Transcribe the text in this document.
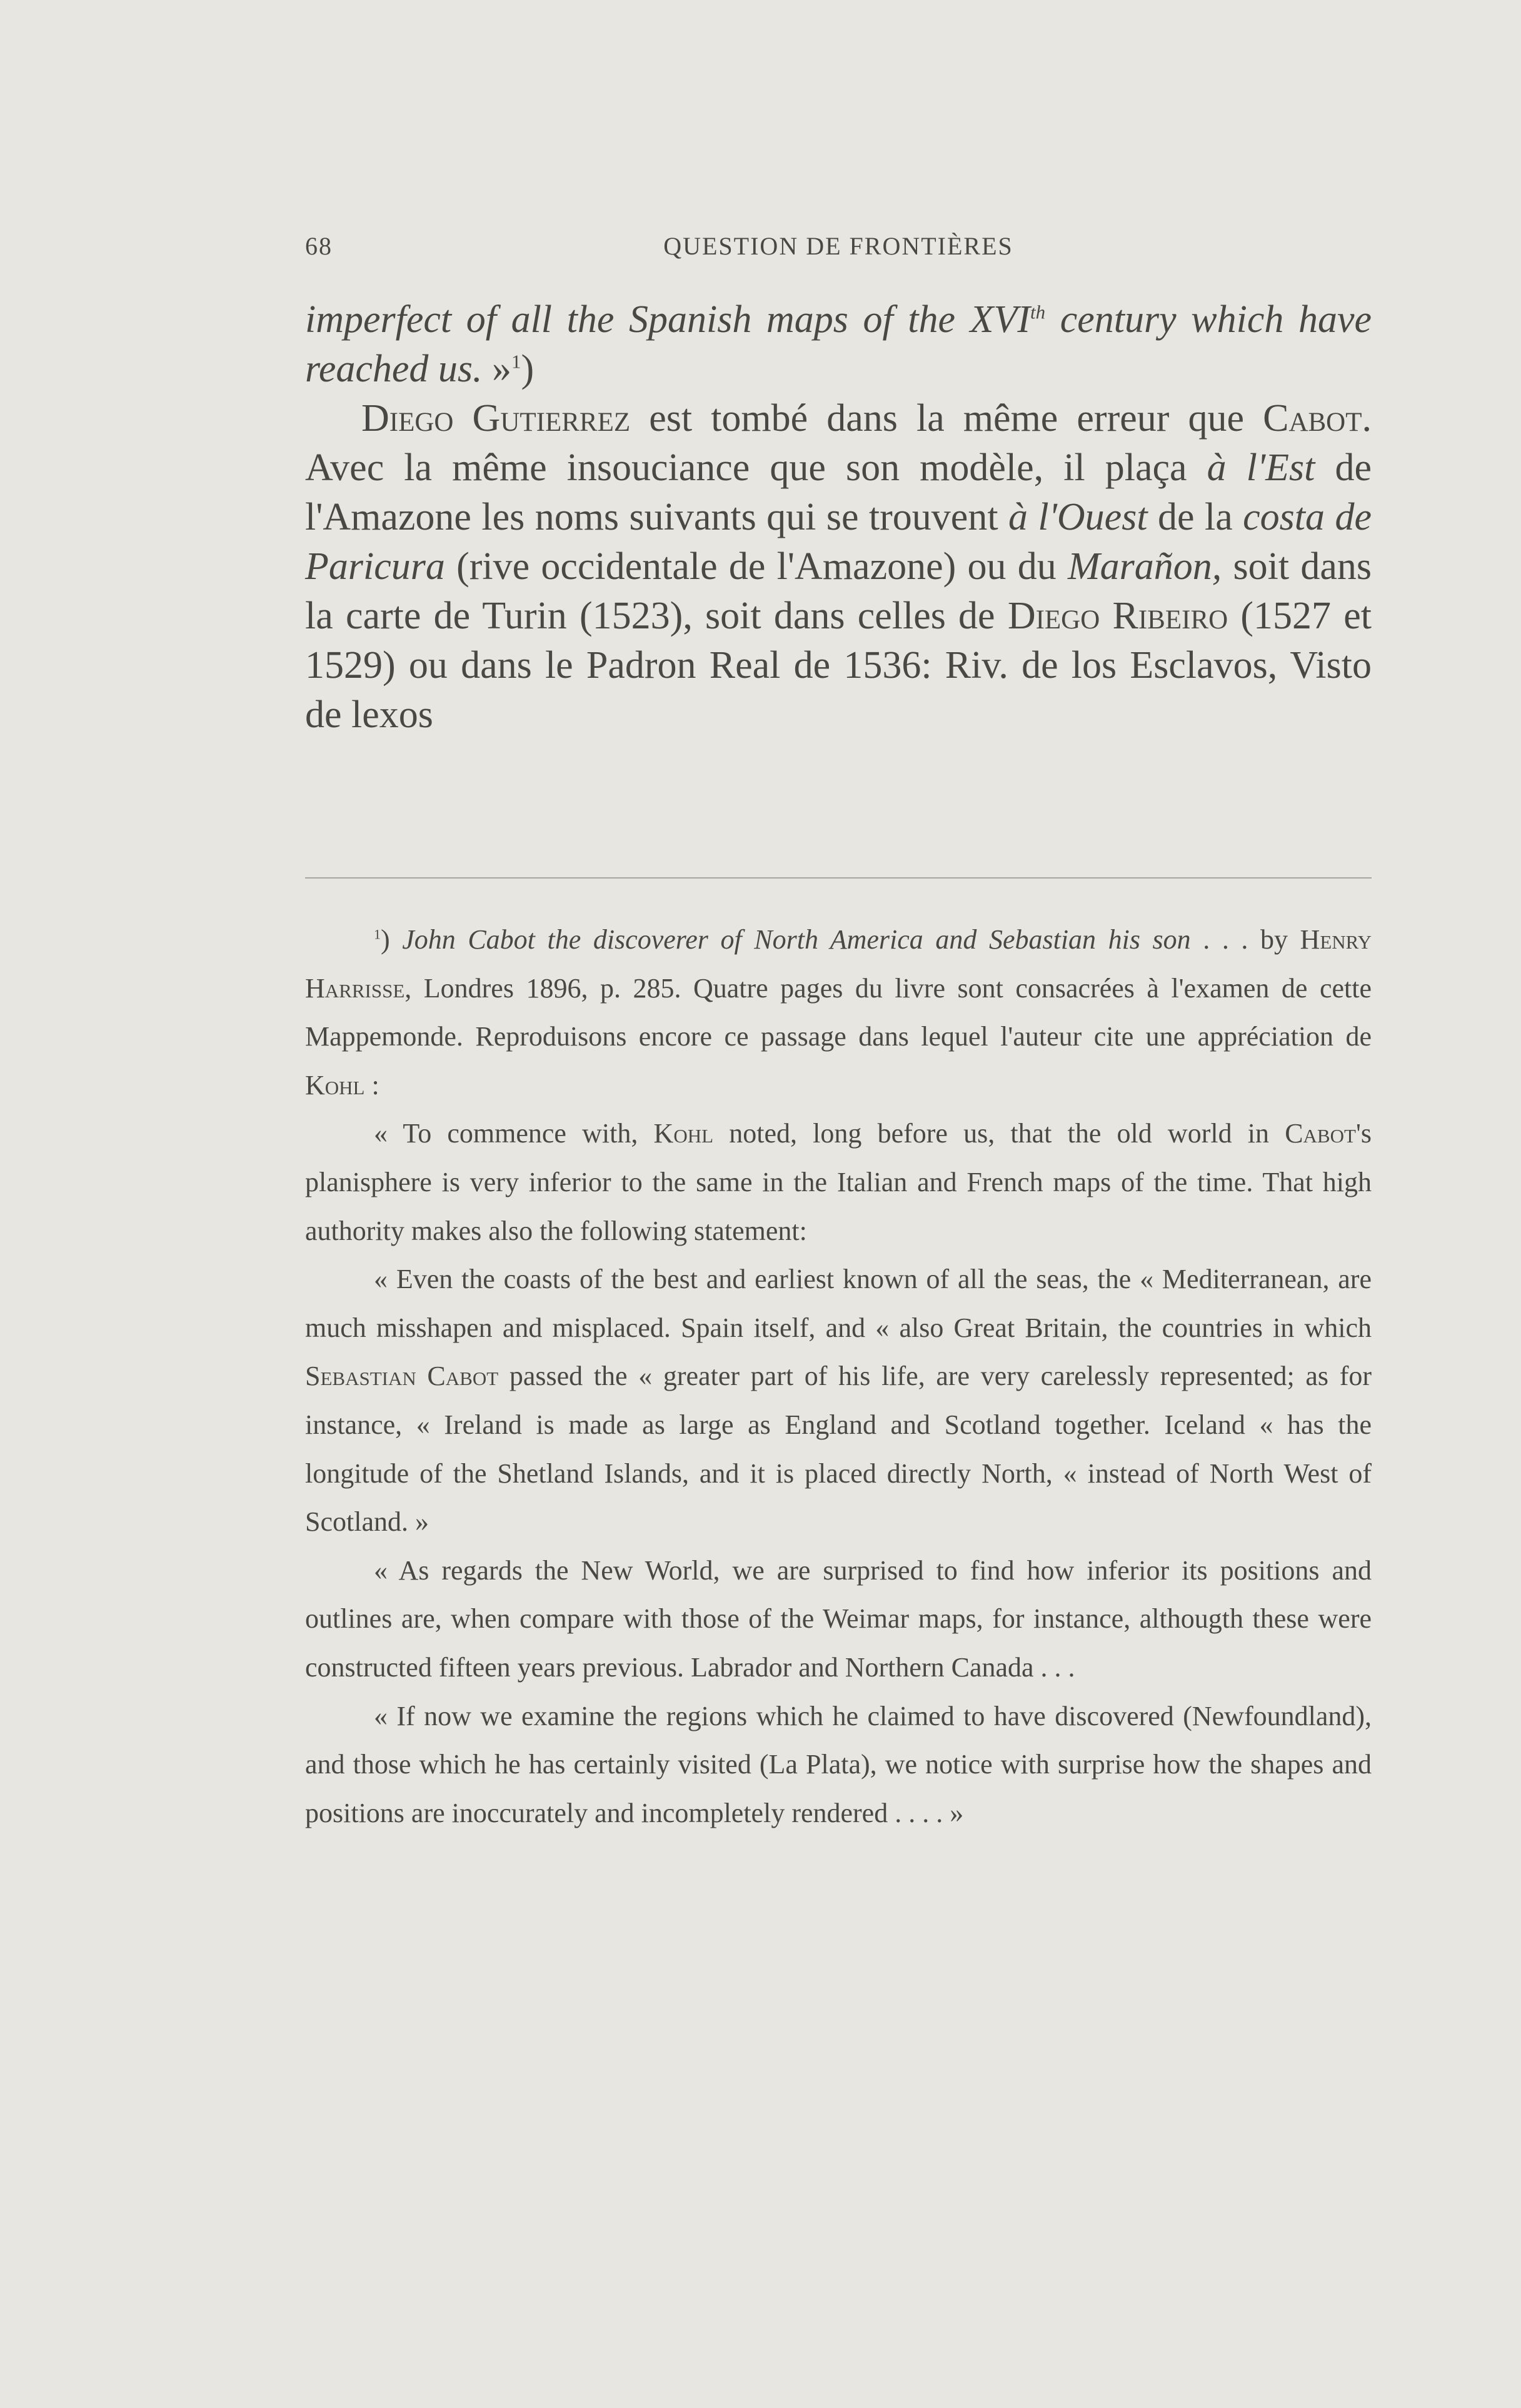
68	QUESTION DE FRONTIÈRES

imperfect of all the Spanish maps of the XVIth century which have reached us. »$^1$)

Diego Gutierrez est tombé dans la même erreur que Cabot. Avec la même insouciance que son modèle, il plaça à l'Est de l'Amazone les noms suivants qui se trouvent à l'Ouest de la costa de Paricura (rive occidentale de l'Amazone) ou du Marañon, soit dans la carte de Turin (1523), soit dans celles de Diego Ribeiro (1527 et 1529) ou dans le Padron Real de 1536: Riv. de los Esclavos, Visto de lexos

$^1$) John Cabot the discoverer of North America and Sebastian his son . . . by Henry Harrisse, Londres 1896, p. 285. Quatre pages du livre sont consacrées à l'examen de cette Mappemonde. Reproduisons encore ce passage dans lequel l'auteur cite une appréciation de Kohl :

« To commence with, Kohl noted, long before us, that the old world in Cabot's planisphere is very inferior to the same in the Italian and French maps of the time. That high authority makes also the following statement:

« Even the coasts of the best and earliest known of all the seas, the « Mediterranean, are much misshapen and misplaced. Spain itself, and « also Great Britain, the countries in which Sebastian Cabot passed the « greater part of his life, are very carelessly represented; as for instance, « Ireland is made as large as England and Scotland together. Iceland « has the longitude of the Shetland Islands, and it is placed directly North, « instead of North West of Scotland. »

« As regards the New World, we are surprised to find how inferior its positions and outlines are, when compare with those of the Weimar maps, for instance, althougth these were constructed fifteen years previous. Labrador and Northern Canada . . .

« If now we examine the regions which he claimed to have discovered (Newfoundland), and those which he has certainly visited (La Plata), we notice with surprise how the shapes and positions are inoccurately and incompletely rendered . . . . »
